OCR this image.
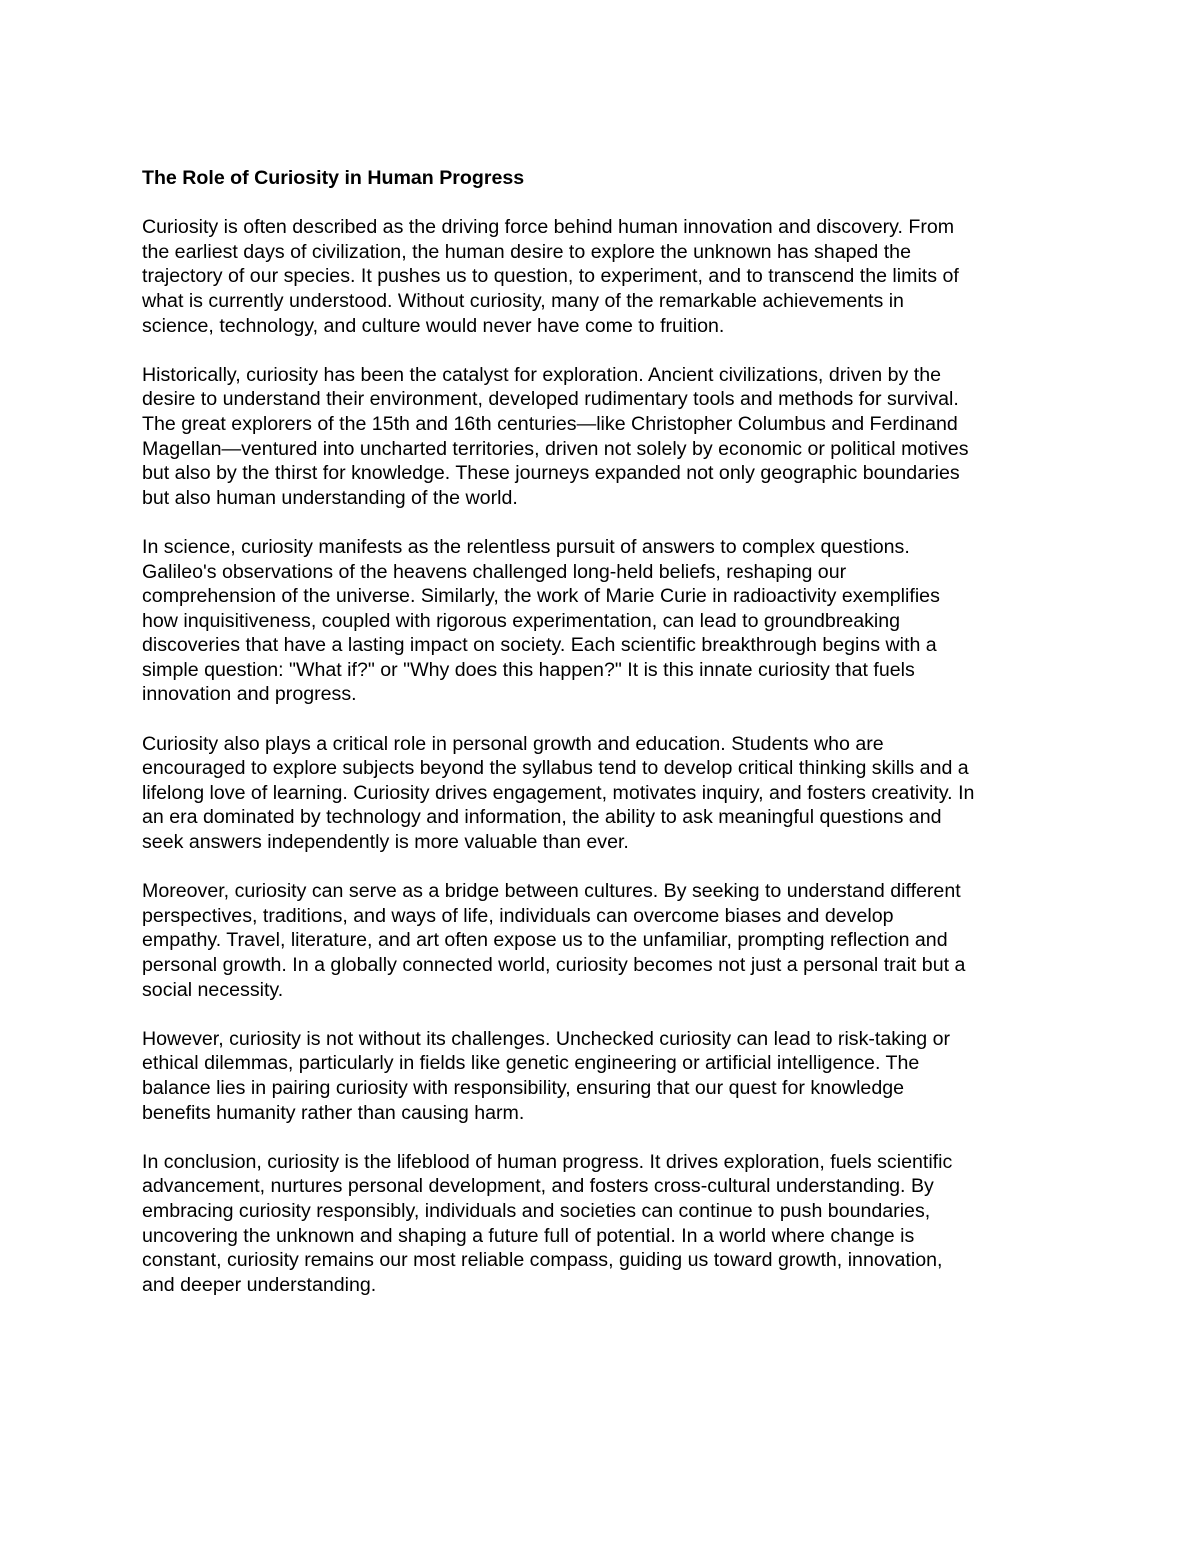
The Role of Curiosity in Human Progress
Curiosity is often described as the driving force behind human innovation and discovery. From
the earliest days of civilization, the human desire to explore the unknown has shaped the
trajectory of our species. It pushes us to question, to experiment, and to transcend the limits of
what is currently understood. Without curiosity, many of the remarkable achievements in
science, technology, and culture would never have come to fruition.
Historically, curiosity has been the catalyst for exploration. Ancient civilizations, driven by the
desire to understand their environment, developed rudimentary tools and methods for survival.
The great explorers of the 15th and 16th centuries—like Christopher Columbus and Ferdinand
Magellan—ventured into uncharted territories, driven not solely by economic or political motives
but also by the thirst for knowledge. These journeys expanded not only geographic boundaries
but also human understanding of the world.
In science, curiosity manifests as the relentless pursuit of answers to complex questions.
Galileo's observations of the heavens challenged long-held beliefs, reshaping our
comprehension of the universe. Similarly, the work of Marie Curie in radioactivity exemplifies
how inquisitiveness, coupled with rigorous experimentation, can lead to groundbreaking
discoveries that have a lasting impact on society. Each scientific breakthrough begins with a
simple question: "What if?" or "Why does this happen?" It is this innate curiosity that fuels
innovation and progress.
Curiosity also plays a critical role in personal growth and education. Students who are
encouraged to explore subjects beyond the syllabus tend to develop critical thinking skills and a
lifelong love of learning. Curiosity drives engagement, motivates inquiry, and fosters creativity. In
an era dominated by technology and information, the ability to ask meaningful questions and
seek answers independently is more valuable than ever.
Moreover, curiosity can serve as a bridge between cultures. By seeking to understand different
perspectives, traditions, and ways of life, individuals can overcome biases and develop
empathy. Travel, literature, and art often expose us to the unfamiliar, prompting reflection and
personal growth. In a globally connected world, curiosity becomes not just a personal trait but a
social necessity.
However, curiosity is not without its challenges. Unchecked curiosity can lead to risk-taking or
ethical dilemmas, particularly in fields like genetic engineering or artificial intelligence. The
balance lies in pairing curiosity with responsibility, ensuring that our quest for knowledge
benefits humanity rather than causing harm.
In conclusion, curiosity is the lifeblood of human progress. It drives exploration, fuels scientific
advancement, nurtures personal development, and fosters cross-cultural understanding. By
embracing curiosity responsibly, individuals and societies can continue to push boundaries,
uncovering the unknown and shaping a future full of potential. In a world where change is
constant, curiosity remains our most reliable compass, guiding us toward growth, innovation,
and deeper understanding.
